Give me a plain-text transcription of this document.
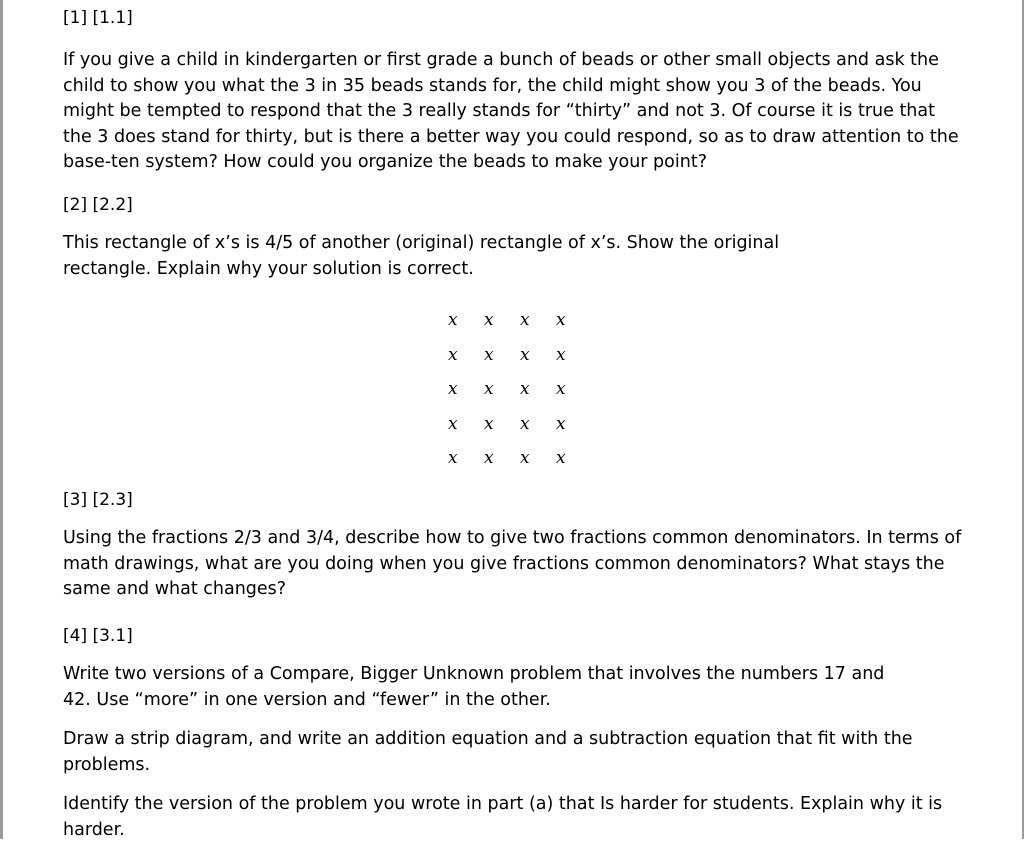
[1] [1.1]

If you give a child in kindergarten or first grade a bunch of beads or other small objects and ask the child to show you what the 3 in 35 beads stands for, the child might show you 3 of the beads. You might be tempted to respond that the 3 really stands for “thirty” and not 3. Of course it is true that the 3 does stand for thirty, but is there a better way you could respond, so as to draw attention to the base-ten system? How could you organize the beads to make your point?

[2] [2.2]

This rectangle of x’s is 4/5 of another (original) rectangle of x’s. Show the original rectangle. Explain why your solution is correct.

x x x x
x x x x
x x x x
x x x x
x x x x
[3] [2.3]

Using the fractions 2/3 and 3/4, describe how to give two fractions common denominators. In terms of math drawings, what are you doing when you give fractions common denominators? What stays the same and what changes?

[4] [3.1]

Write two versions of a Compare, Bigger Unknown problem that involves the numbers 17 and 42. Use “more” in one version and “fewer” in the other.

Draw a strip diagram, and write an addition equation and a subtraction equation that fit with the problems.

Identify the version of the problem you wrote in part (a) that Is harder for students. Explain why it is harder.
